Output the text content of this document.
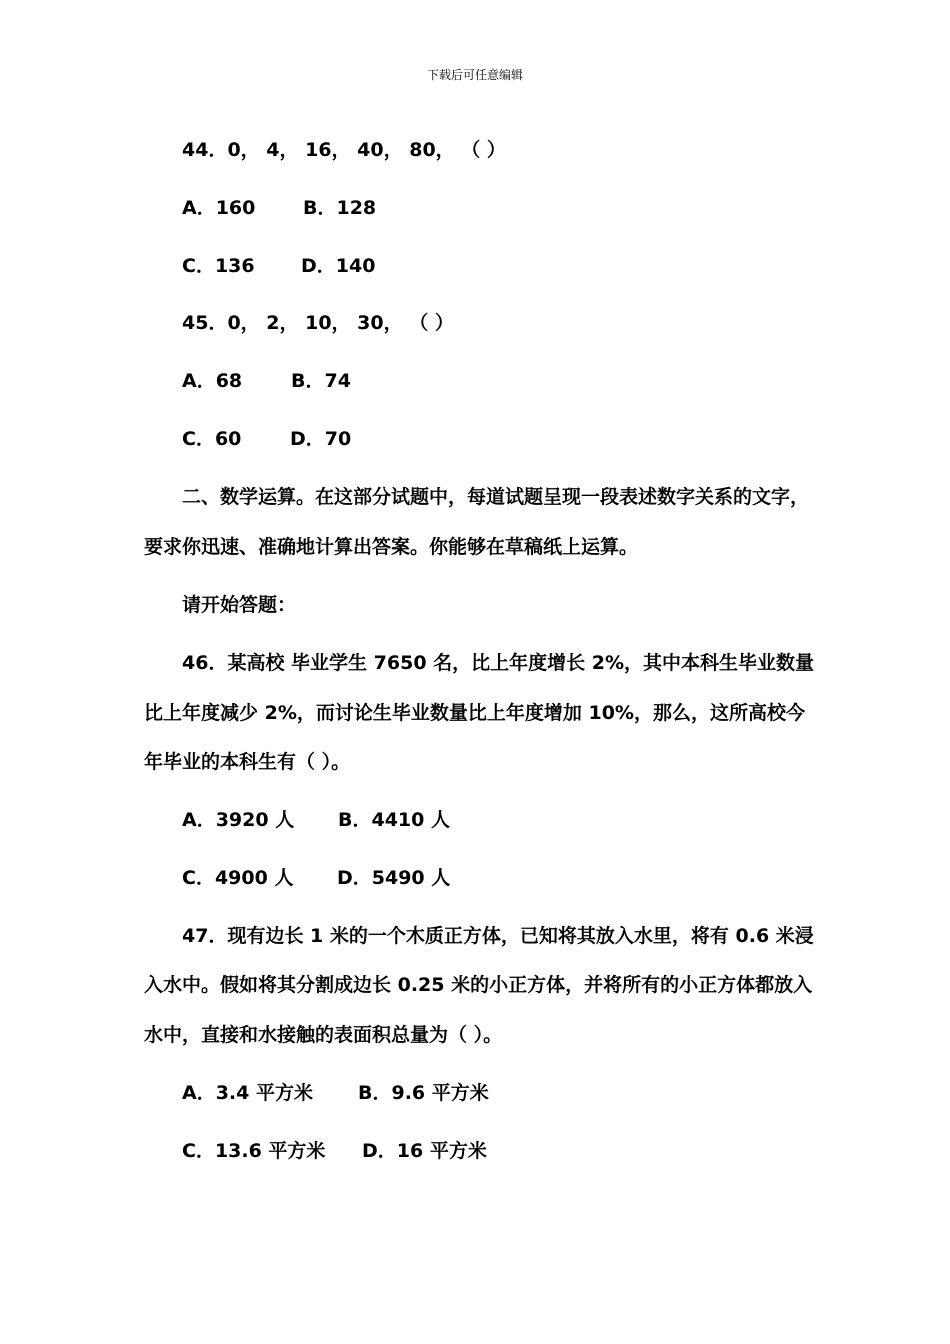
下载后可任意编辑
44．0， 4， 16， 40， 80， （ ）
A．160	B．128
C．136 D．140
45．0， 2， 10， 30， （ ）
A．68	B．74
C．60	D．70
二、数学运算。在这部分试题中，每道试题呈现一段表述数字关系的文字，
要求你迅速、准确地计算出答案。你能够在草稿纸上运算。
请开始答题：
46．某高校 毕业学生 7650 名，比上年度增长 2%，其中本科生毕业数量
比上年度减少 2%，而讨论生毕业数量比上年度增加 10%，那么，这所高校今
年毕业的本科生有（ ）。
A．3920 人 B．4410 人
C．4900 人 D．5490 人
47．现有边长 1 米的一个木质正方体，已知将其放入水里，将有 0.6 米浸
入水中。假如将其分割成边长 0.25 米的小正方体，并将所有的小正方体都放入
水中，直接和水接触的表面积总量为（ ）。
A．3.4 平方米 B．9.6 平方米
C．13.6 平方米 D．16 平方米
